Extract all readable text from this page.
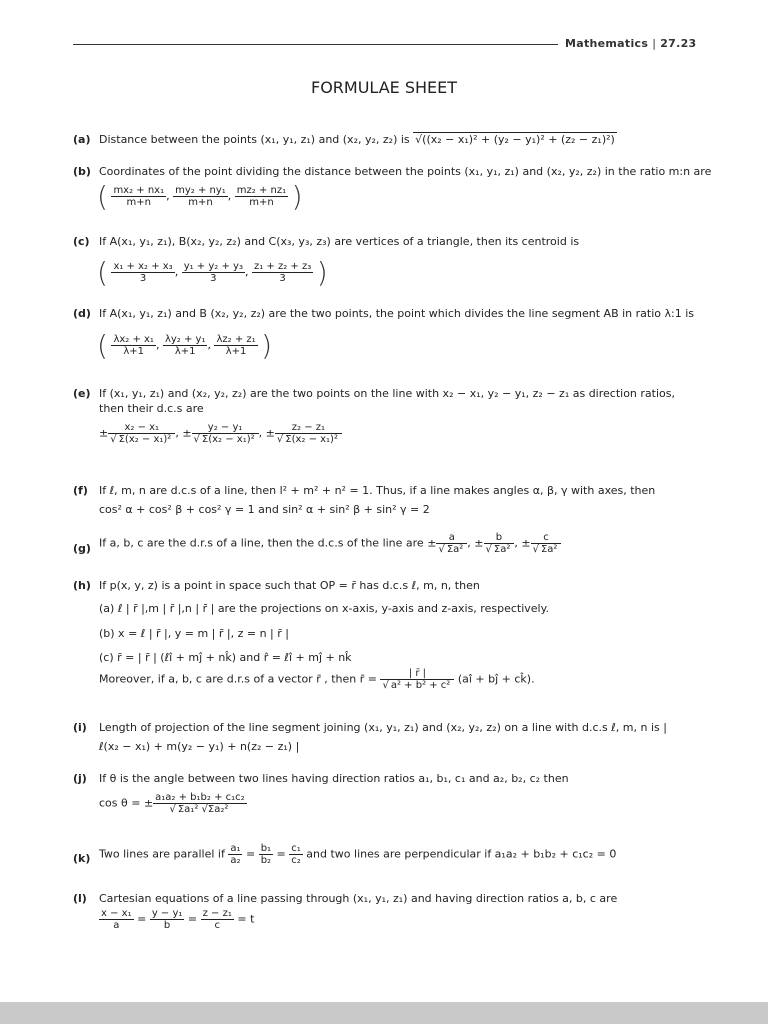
Mathematics | 27.23
FORMULAE SHEET
(a) Distance between the points (x₁, y₁, z₁) and (x₂, y₂, z₂) is √((x₂ − x₁)² + (y₂ − y₁)² + (z₂ − z₁)²)
(b) Coordinates of the point dividing the distance between the points (x₁, y₁, z₁) and (x₂, y₂, z₂) in the ratio m:n are
( $\frac{\text{mx₂ + nx₁}}{m+n}$ , $\frac{\text{my₂ + ny₁}}{m+n}$ , $\frac{\text{mz₂ + nz₁}}{m+n}$ )
(c) If A(x₁, y₁, z₁), B(x₂, y₂, z₂) and C(x₃, y₃, z₃) are vertices of a triangle, then its centroid is
( $\frac{\text{x₁ + x₂ + x₃}}{3}$ , $\frac{\text{y₁ + y₂ + y₃}}{3}$ , $\frac{\text{z₁ + z₂ + z₃}}{3}$ )
(d) If A(x₁, y₁, z₁) and B (x₂, y₂, z₂) are the two points, the point which divides the line segment AB in ratio λ:1 is
( $\frac{\text{λx₂ + x₁}}{\lambda+1}$ , $\frac{\text{λy₂ + y₁}}{\lambda+1}$ , $\frac{\text{λz₂ + z₁}}{\lambda+1}$ )
(e) If (x₁, y₁, z₁) and (x₂, y₂, z₂) are the two points on the line with x₂ − x₁, y₂ − y₁, z₂ − z₁ as direction ratios, then their d.c.s are
± $\frac{\text{x₂ − x₁}}{\text{√ Σ(x₂ − x₁)²}}$ , ± $\frac{\text{y₂ − y₁}}{\text{√ Σ(x₂ − x₁)²}}$ , ± $\frac{\text{z₂ − z₁}}{\text{√ Σ(x₂ − x₁)²}}$
(f) If ℓ, m, n are d.c.s of a line, then l² + m² + n² = 1. Thus, if a line makes angles α, β, γ with axes, then
cos² α + cos² β + cos² γ = 1 and sin² α + sin² β + sin² γ = 2
(g) If a, b, c are the d.r.s of a line, then the d.c.s of the line are ± $\frac{a}{\text{√ Σa²}}$ , ± $\frac{b}{\text{√ Σa²}}$ , ± $\frac{c}{\text{√ Σa²}}$
(h) If p(x, y, z) is a point in space such that OP = r̄ has d.c.s ℓ, m, n, then
(a) ℓ | r̄ |,m | r̄ |,n | r̄ | are the projections on x-axis, y-axis and z-axis, respectively.
(b) x = ℓ | r̄ |, y = m | r̄ |, z = n | r̄ |
(c) r̄ = | r̄ | (ℓî + mĵ + nk̂) and r̂ = ℓî + mĵ + nk̂
Moreover, if a, b, c are d.r.s of a vector r̄ , then r̄ = $\frac{| r̄ |}{\text{√ a² + b² + c²}}$ (aî + bĵ + ck̂).
(i) Length of projection of the line segment joining (x₁, y₁, z₁) and (x₂, y₂, z₂) on a line with d.c.s ℓ, m, n is |
ℓ(x₂ − x₁) + m(y₂ − y₁) + n(z₂ − z₁) |
(j) If θ is the angle between two lines having direction ratios a₁, b₁, c₁ and a₂, b₂, c₂ then
cos θ = ± $\frac{\text{a₁a₂ + b₁b₂ + c₁c₂}}{\text{√ Σa₁² √Σa₂²}}$
(k) Two lines are parallel if $\frac{\text{a₁}}{\text{a₂}} = \frac{\text{b₁}}{\text{b₂}} = \frac{\text{c₁}}{\text{c₂}}$ and two lines are perpendicular if a₁a₂ + b₁b₂ + c₁c₂ = 0
(l) Cartesian equations of a line passing through (x₁, y₁, z₁) and having direction ratios a, b, c are
$\frac{\text{x − x₁}}{a} = \frac{\text{y − y₁}}{b} = \frac{\text{z − z₁}}{c} = t$
